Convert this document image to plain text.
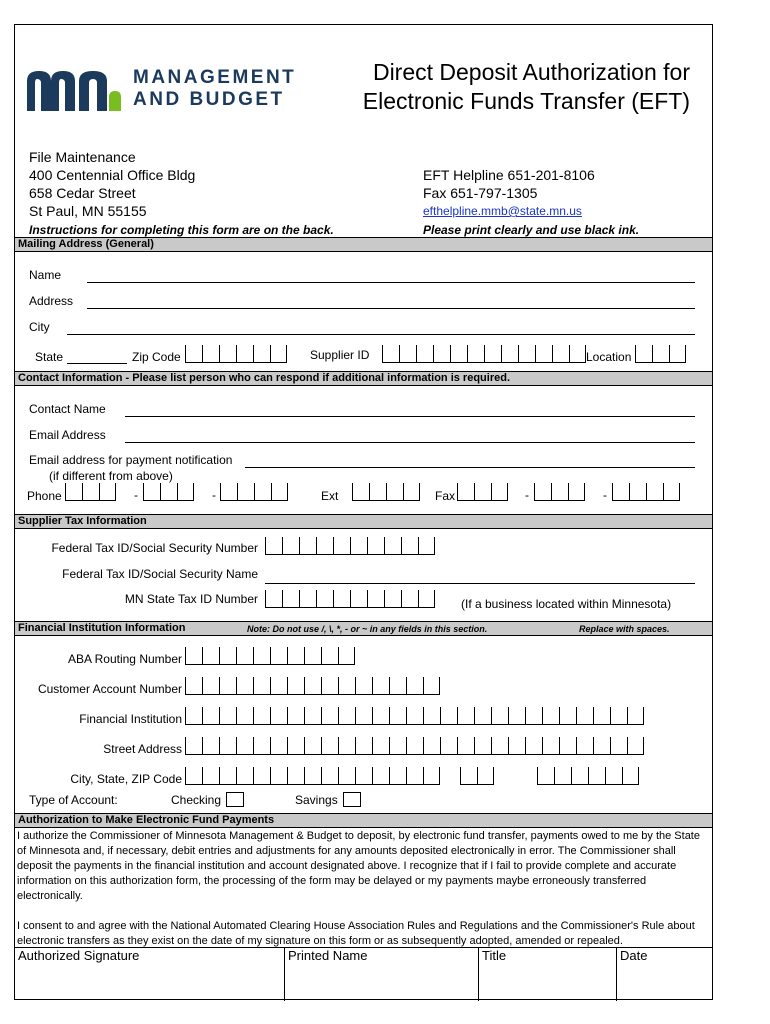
MANAGEMENT
AND BUDGET
Direct Deposit Authorization for
Electronic Funds Transfer (EFT)
File Maintenance
400 Centennial Office Bldg
658 Cedar Street
St Paul, MN 55155
EFT Helpline 651-201-8106
Fax 651-797-1305
efthelpline.mmb@state.mn.us
Instructions for completing this form are on the back.	Please print clearly and use black ink.
Mailing Address (General)
Name
Address
City
State	Zip Code	Supplier ID	Location
Contact Information - Please list person who can respond if additional information is required.
Contact Name
Email Address
Email address for payment notification
(if different from above)
Phone	-	-	Ext	Fax	-	-
Supplier Tax Information
Federal Tax ID/Social Security Number
Federal Tax ID/Social Security Name
MN State Tax ID Number	(If a business located within Minnesota)
Financial Institution Information	Note: Do not use /, \, *, - or ~ in any fields in this section.	Replace with spaces.
ABA Routing Number
Customer Account Number
Financial Institution
Street Address
City, State, ZIP Code
Type of Account:	Checking	Savings
Authorization to Make Electronic Fund Payments
I authorize the Commissioner of Minnesota Management & Budget to deposit, by electronic fund transfer, payments owed to me by the State of Minnesota and, if necessary, debit entries and adjustments for any amounts deposited electronically in error. The Commissioner shall deposit the payments in the financial institution and account designated above. I recognize that if I fail to provide complete and accurate information on this authorization form, the processing of the form may be delayed or my payments maybe erroneously transferred electronically.
I consent to and agree with the National Automated Clearing House Association Rules and Regulations and the Commissioner's Rule about electronic transfers as they exist on the date of my signature on this form or as subsequently adopted, amended or repealed.
Authorized Signature	Printed Name	Title	Date
